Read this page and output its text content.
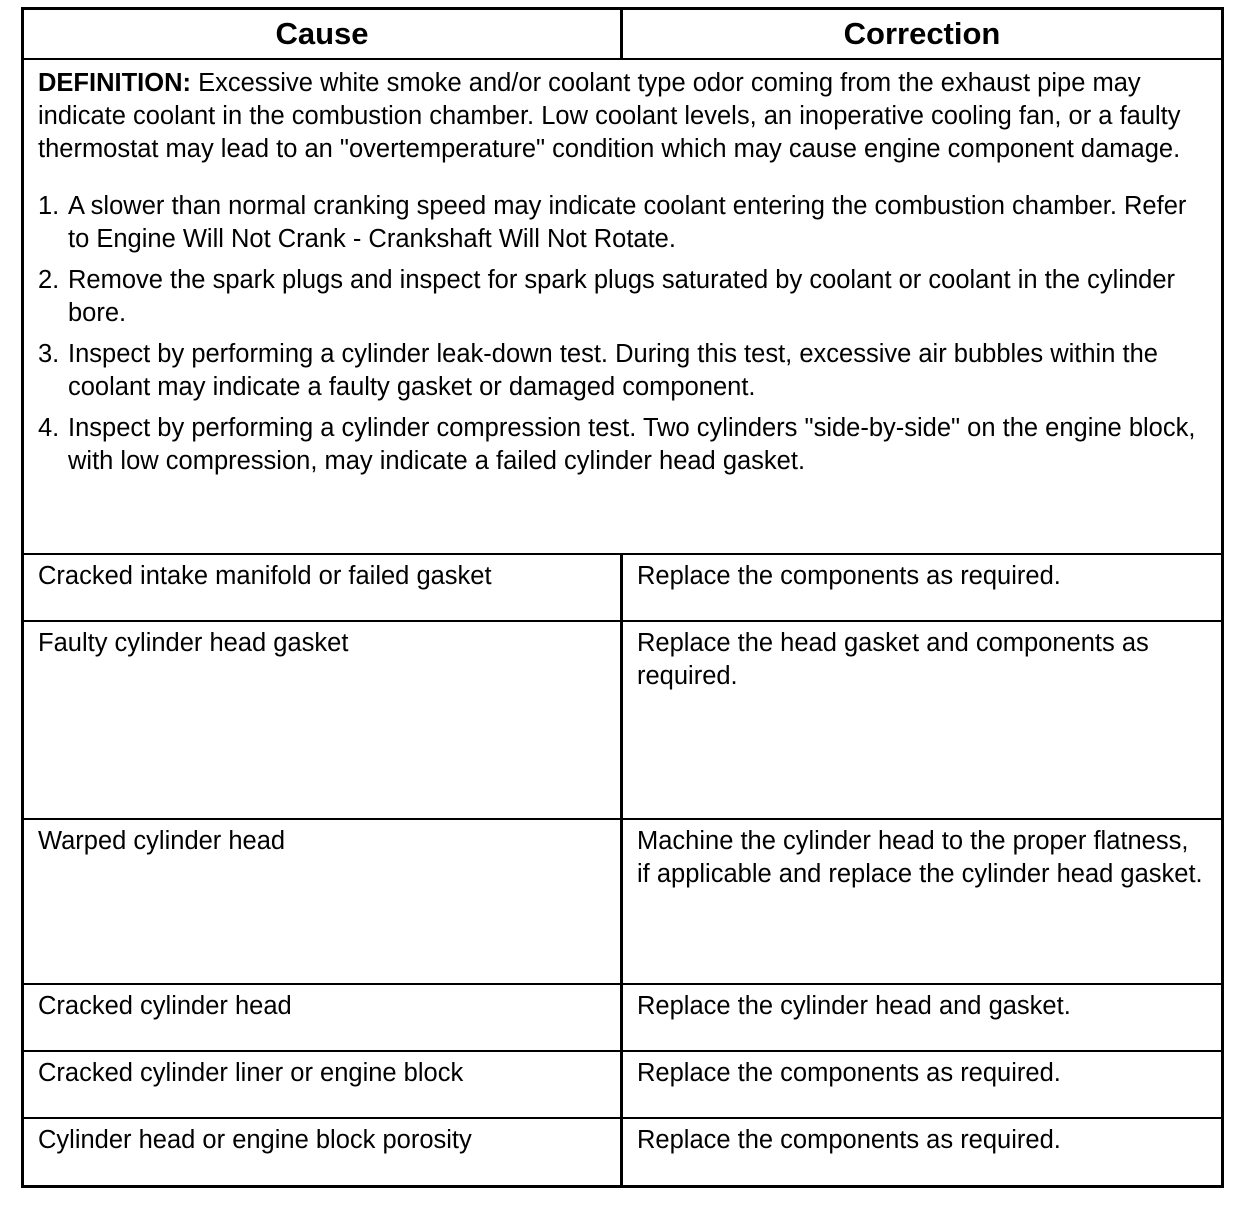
Cause	Correction

DEFINITION: Excessive white smoke and/or coolant type odor coming from the exhaust pipe may indicate coolant in the combustion chamber. Low coolant levels, an inoperative cooling fan, or a faulty thermostat may lead to an "overtemperature" condition which may cause engine component damage.

1. A slower than normal cranking speed may indicate coolant entering the combustion chamber. Refer to Engine Will Not Crank - Crankshaft Will Not Rotate.
2. Remove the spark plugs and inspect for spark plugs saturated by coolant or coolant in the cylinder bore.
3. Inspect by performing a cylinder leak-down test. During this test, excessive air bubbles within the coolant may indicate a faulty gasket or damaged component.
4. Inspect by performing a cylinder compression test. Two cylinders "side-by-side" on the engine block, with low compression, may indicate a failed cylinder head gasket.
Cracked intake manifold or failed gasket	Replace the components as required.
Faulty cylinder head gasket	Replace the head gasket and components as required.
Warped cylinder head	Machine the cylinder head to the proper flatness, if applicable and replace the cylinder head gasket.
Cracked cylinder head	Replace the cylinder head and gasket.
Cracked cylinder liner or engine block	Replace the components as required.
Cylinder head or engine block porosity	Replace the components as required.
